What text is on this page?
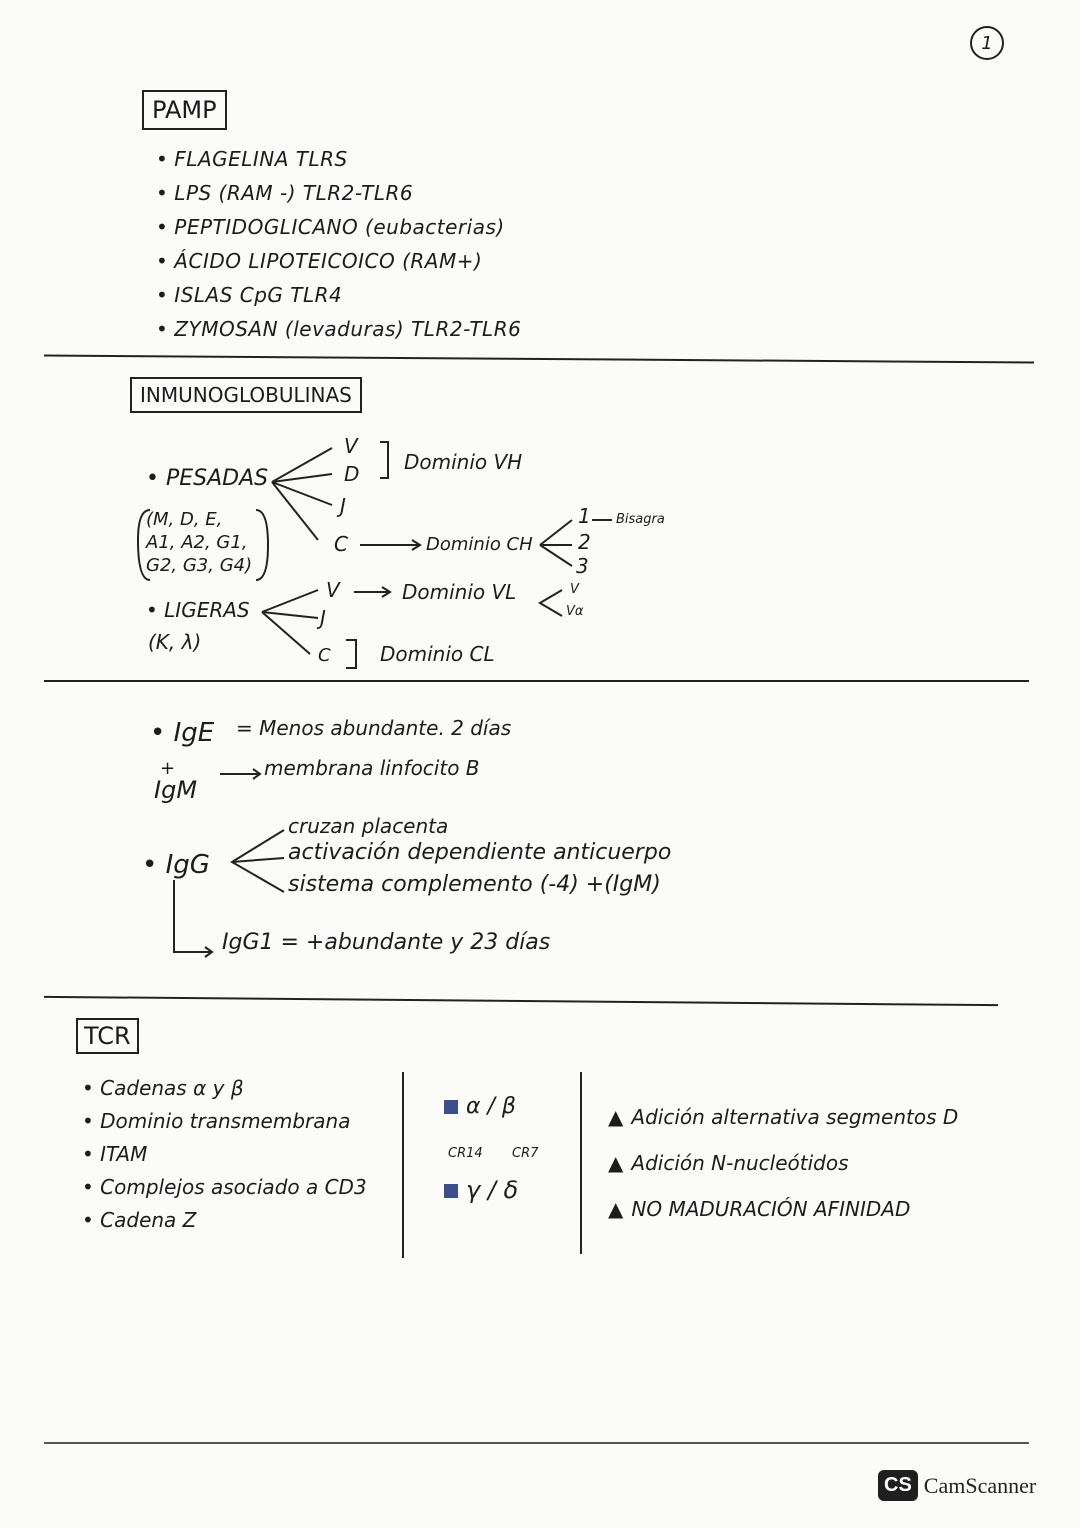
1
PAMP
• FLAGELINA TLRS
• LPS (RAM -) TLR2-TLR6
• PEPTIDOGLICANO (eubacterias)
• ÁCIDO LIPOTEICOICO (RAM+)
• ISLAS CpG TLR4
• ZYMOSAN (levaduras) TLR2-TLR6
INMUNOGLOBULINAS
• PESADAS
(M, D, E,
A1, A2, G1,
G2, G3, G4)
V
D
J
C
Dominio VH
Dominio CH
1
2
3
Bisagra
• LIGERAS
(K, λ)
V
J
C
Dominio VL	V
Vα
Dominio CL
• IgE = Menos abundante. 2 días
+
IgM
membrana linfocito B
• IgG
cruzan placenta
activación dependiente anticuerpo
sistema complemento (-4) +(IgM)
IgG1 = +abundante y 23 días
TCR
• Cadenas α y β
• Dominio transmembrana
• ITAM
• Complejos asociado a CD3
• Cadena Z
α / β
CR14 CR7
γ / δ
▲ Adición alternativa segmentos D
▲ Adición N-nucleótidos
▲ NO MADURACIÓN AFINIDAD
CS CamScanner
